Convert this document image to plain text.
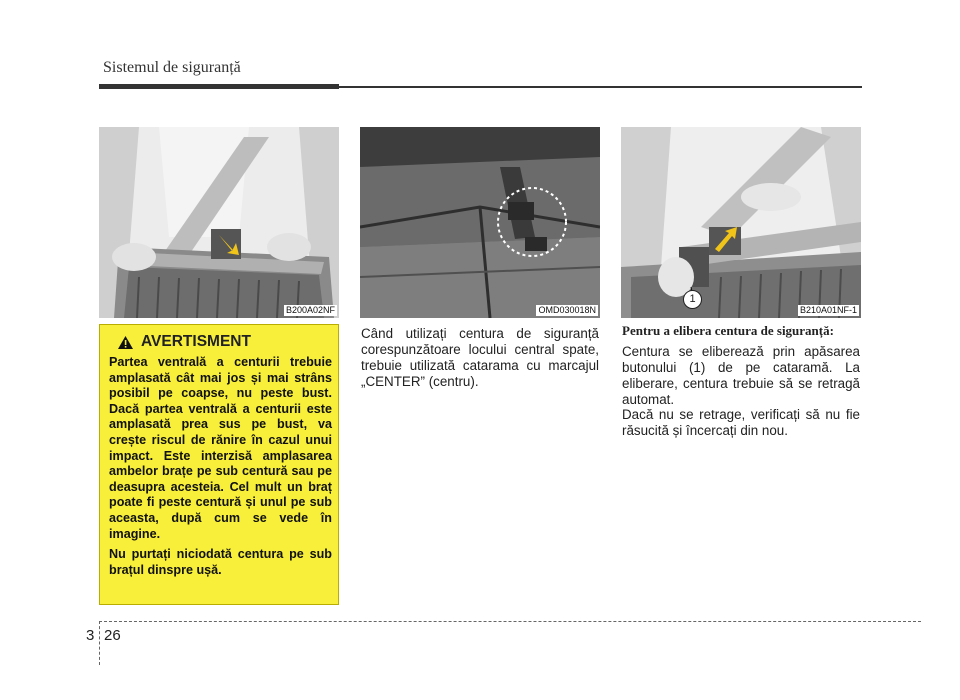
Sistemul de siguranță
B200A02NF	OMD030018N
1
B210A01NF-1
AVERTISMENT

Partea ventrală a centurii trebuie amplasată cât mai jos și mai strâns posibil pe coapse, nu peste bust. Dacă partea ventrală a centurii este amplasată prea sus pe bust, va crește riscul de rănire în cazul unui impact. Este interzisă amplasarea ambelor brațe pe sub centură sau pe deasupra acesteia. Cel mult un braț poate fi peste centură și unul pe sub aceasta, după cum se vede în imagine.

Nu purtați niciodată centura pe sub brațul dinspre ușă.

Când utilizați centura de siguranță corespunzătoare locului central spate, trebuie utilizată catarama cu marcajul „CENTER” (centru).

Pentru a elibera centura de siguranță:

Centura se eliberează prin apăsarea butonului (1) de pe cataramă. La eliberare, centura trebuie să se retragă automat.

Dacă nu se retrage, verificați să nu fie răsucită și încercați din nou.

3 26
